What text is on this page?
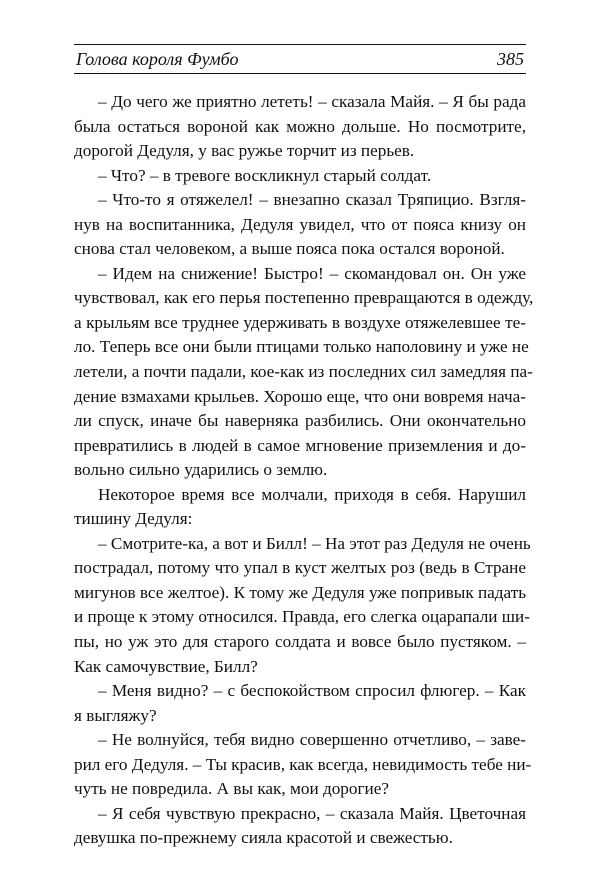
Голова короля Фумбо	385
– До чего же приятно лететь! – сказала Майя. – Я бы рада
была остаться вороной как можно дольше. Но посмотрите,
дорогой Дедуля, у вас ружье торчит из перьев.
– Что? – в тревоге воскликнул старый солдат.
– Что-то я отяжелел! – внезапно сказал Тряпицио. Взгля-
нув на воспитанника, Дедуля увидел, что от пояса книзу он
снова стал человеком, а выше пояса пока остался вороной.
– Идем на снижение! Быстро! – скомандовал он. Он уже
чувствовал, как его перья постепенно превращаются в одежду,
а крыльям все труднее удерживать в воздухе отяжелевшее те-
ло. Теперь все они были птицами только наполовину и уже не
летели, а почти падали, кое-как из последних сил замедляя па-
дение взмахами крыльев. Хорошо еще, что они вовремя нача-
ли спуск, иначе бы наверняка разбились. Они окончательно
превратились в людей в самое мгновение приземления и до-
вольно сильно ударились о землю.
Некоторое время все молчали, приходя в себя. Нарушил
тишину Дедуля:
– Смотрите-ка, а вот и Билл! – На этот раз Дедуля не очень
пострадал, потому что упал в куст желтых роз (ведь в Стране
мигунов все желтое). К тому же Дедуля уже попривык падать
и проще к этому относился. Правда, его слегка оцарапали ши-
пы, но уж это для старого солдата и вовсе было пустяком. –
Как самочувствие, Билл?
– Меня видно? – с беспокойством спросил флюгер. – Как
я выгляжу?
– Не волнуйся, тебя видно совершенно отчетливо, – заве-
рил его Дедуля. – Ты красив, как всегда, невидимость тебе ни-
чуть не повредила. А вы как, мои дорогие?
– Я себя чувствую прекрасно, – сказала Майя. Цветочная
девушка по-прежнему сияла красотой и свежестью.
